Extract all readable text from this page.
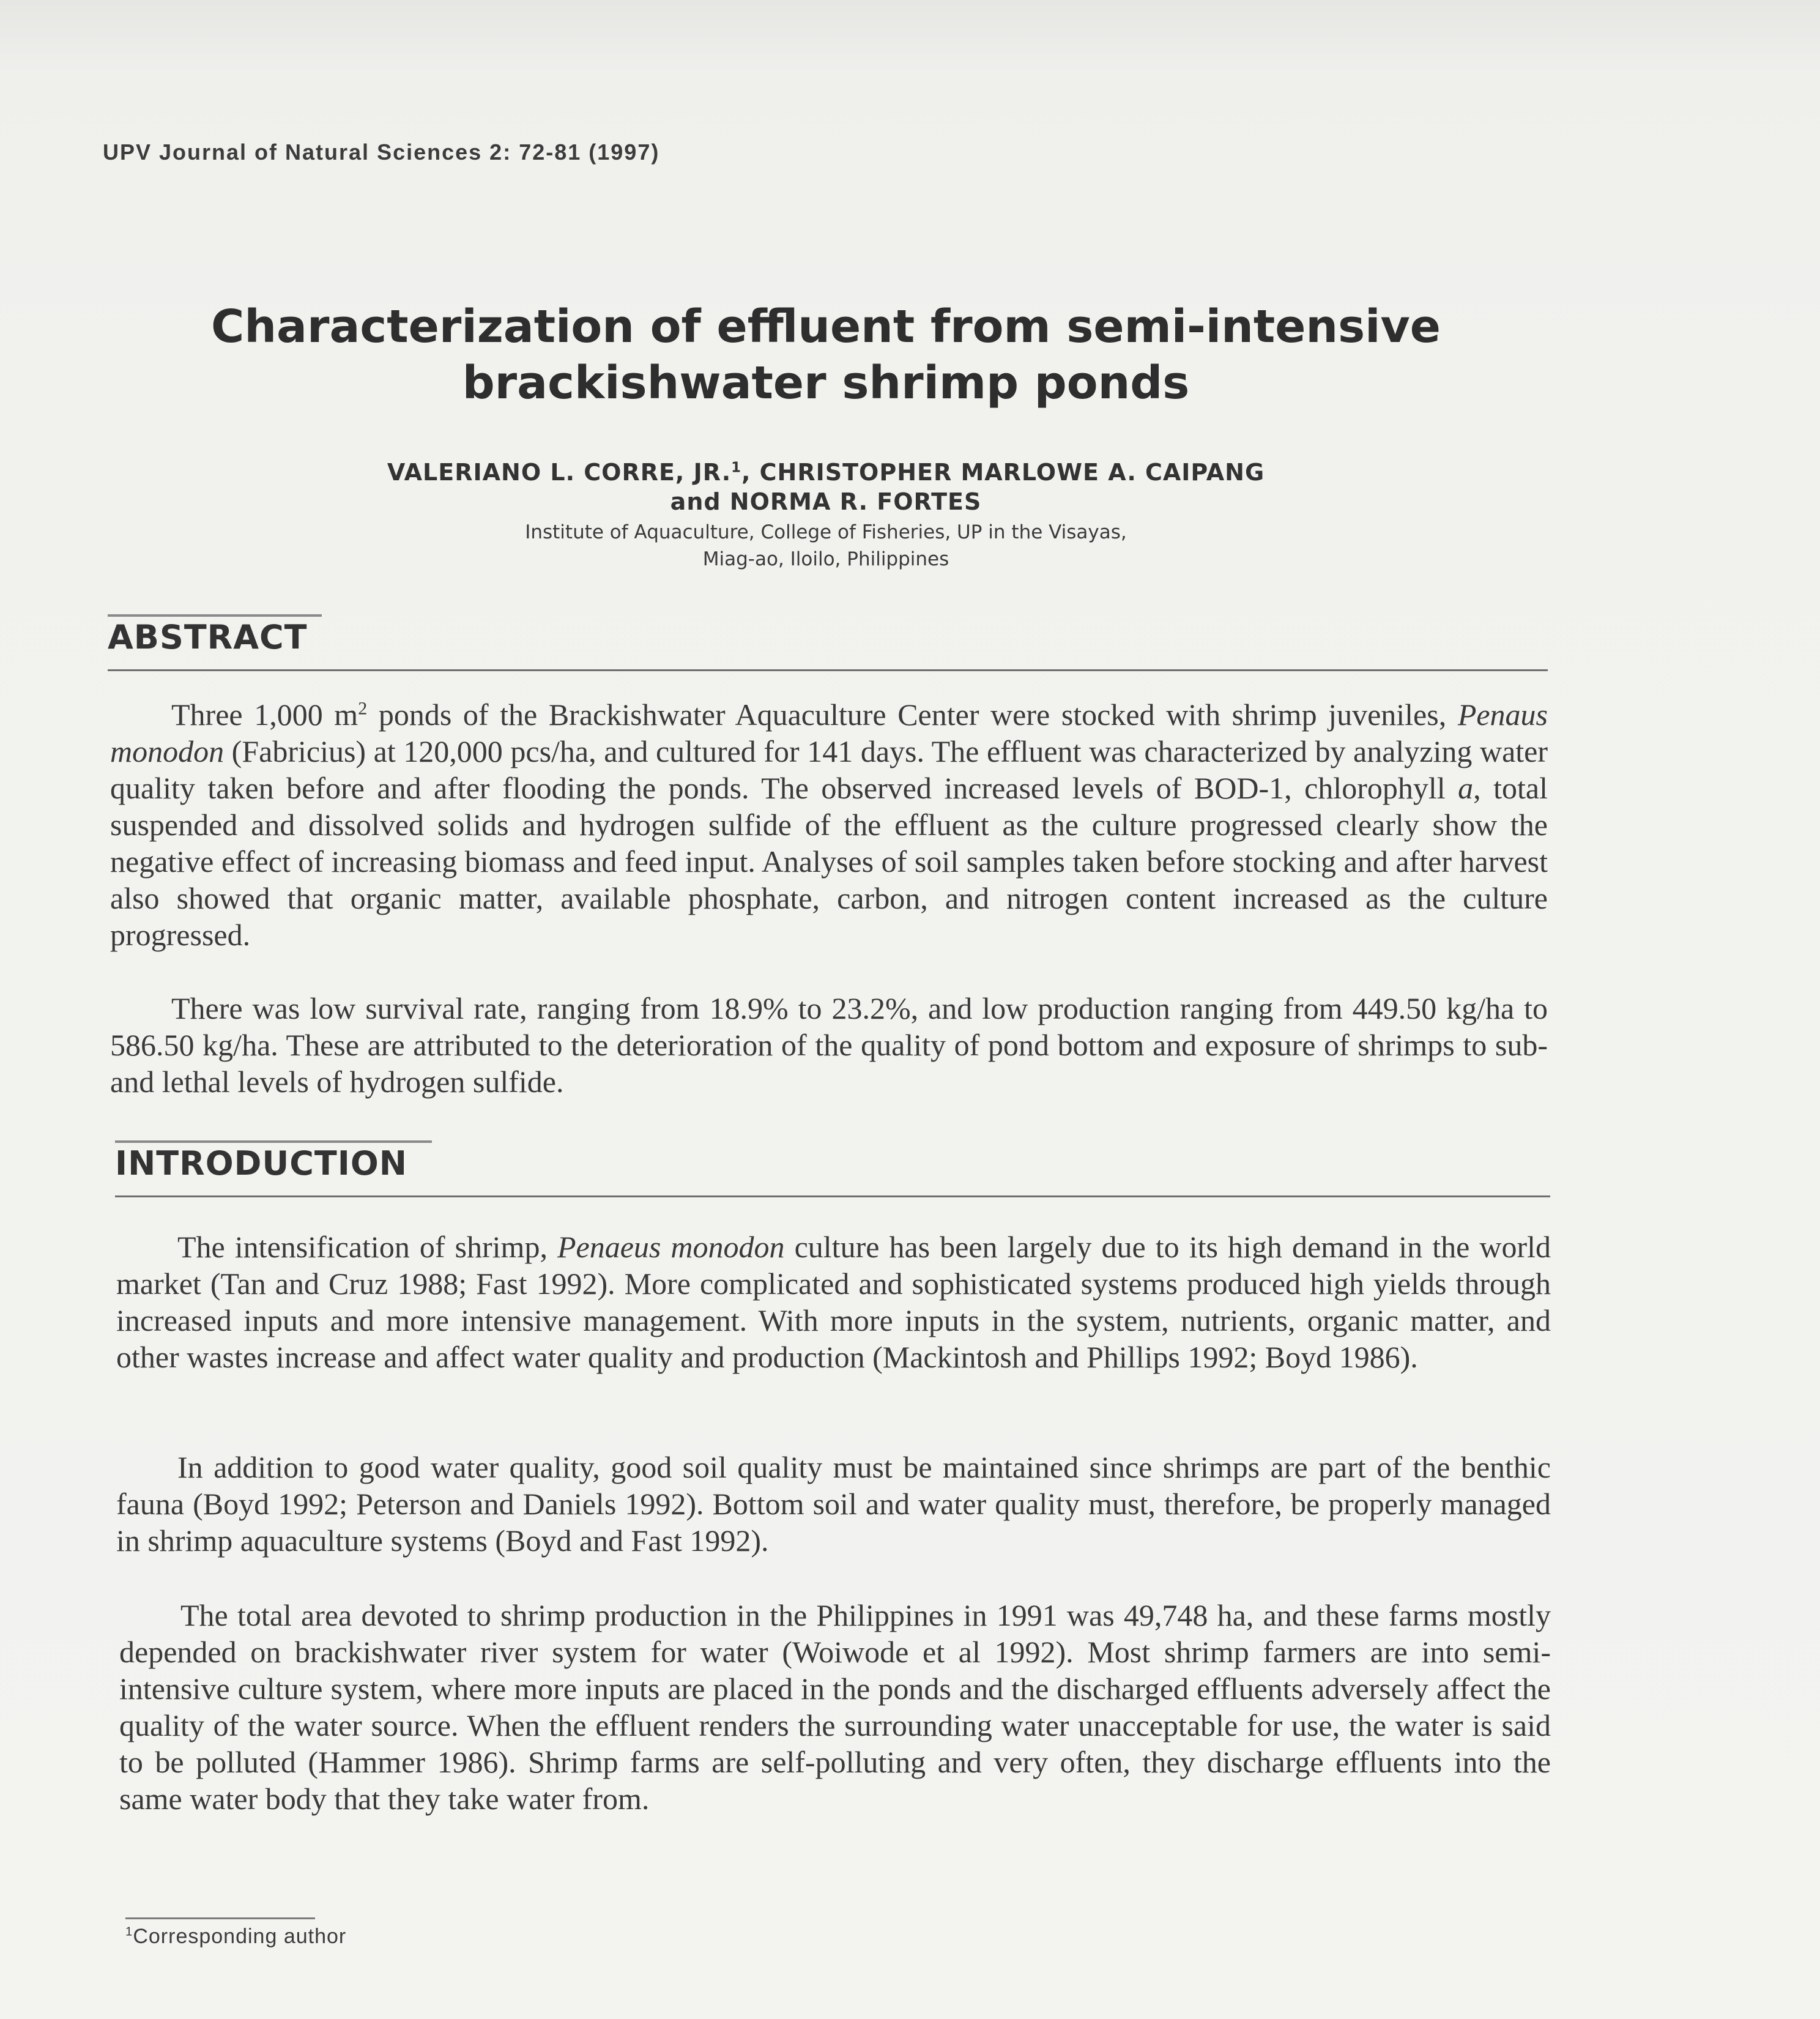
UPV Journal of Natural Sciences 2: 72-81 (1997)
Characterization of effluent from semi-intensive
brackishwater shrimp ponds
VALERIANO L. CORRE, JR.$^1$, CHRISTOPHER MARLOWE A. CAIPANG
and NORMA R. FORTES
Institute of Aquaculture, College of Fisheries, UP in the Visayas,
Miag-ao, Iloilo, Philippines
ABSTRACT

Three 1,000 $m^2$ ponds of the Brackishwater Aquaculture Center were stocked with shrimp juveniles, Penaus monodon (Fabricius) at 120,000 pcs/ha, and cultured for 141 days. The effluent was characterized by analyzing water quality taken before and after flooding the ponds. The observed increased levels of BOD-1, chlorophyll a, total suspended and dissolved solids and hydrogen sulfide of the effluent as the culture progressed clearly show the negative effect of increasing biomass and feed input. Analyses of soil samples taken before stocking and after harvest also showed that organic matter, available phosphate, carbon, and nitrogen content increased as the culture progressed.

There was low survival rate, ranging from 18.9% to 23.2%, and low production ranging from 449.50 kg/ha to 586.50 kg/ha. These are attributed to the deterioration of the quality of pond bottom and exposure of shrimps to sub- and lethal levels of hydrogen sulfide.

INTRODUCTION

The intensification of shrimp, Penaeus monodon culture has been largely due to its high demand in the world market (Tan and Cruz 1988; Fast 1992). More complicated and sophisticated systems produced high yields through increased inputs and more intensive management. With more inputs in the system, nutrients, organic matter, and other wastes increase and affect water quality and production (Mackintosh and Phillips 1992; Boyd 1986).

In addition to good water quality, good soil quality must be maintained since shrimps are part of the benthic fauna (Boyd 1992; Peterson and Daniels 1992). Bottom soil and water quality must, therefore, be properly managed in shrimp aquaculture systems (Boyd and Fast 1992).

The total area devoted to shrimp production in the Philippines in 1991 was 49,748 ha, and these farms mostly depended on brackishwater river system for water (Woiwode et al 1992). Most shrimp farmers are into semi-intensive culture system, where more inputs are placed in the ponds and the discharged effluents adversely affect the quality of the water source. When the effluent renders the surrounding water unacceptable for use, the water is said to be polluted (Hammer 1986). Shrimp farms are self-polluting and very often, they discharge effluents into the same water body that they take water from.

$^1$Corresponding author
